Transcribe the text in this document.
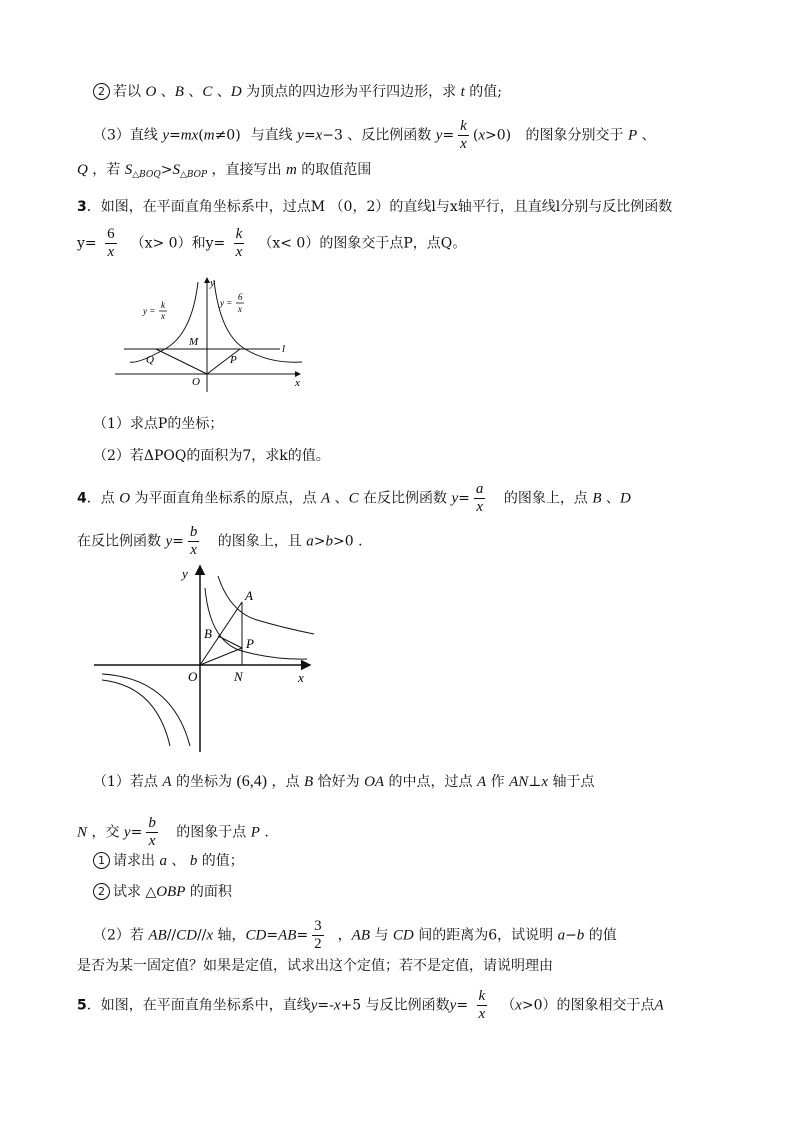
2 若以 O 、B 、C 、D 为顶点的四边形为平行四边形，求 t 的值;
（3）直线 y=mx(m≠0) 与直线 y=x−3 、反比例函数 $y= \frac{k}{x} (x>0)$ 的图象分别交于 P 、
Q ，若 $S_{\triangle BOQ}>S_{\triangle BOP}$ ，直接写出 m 的取值范围
3．如图，在平面直角坐标系中，过点M （0，2）的直线l与x轴平行，且直线l分别与反比例函数
$y= \frac{6}{x} (x> 0)$和$y= \frac{k}{x} (x< 0)$的图象交于点P，点Q。
y
x
O
M
Q	P
l
y =
k
x
y =
6
x
（1）求点P的坐标；
（2）若ΔPOQ的面积为7，求k的值。
4．点 O 为平面直角坐标系的原点，点 A 、C 在反比例函数 $y= \frac{a}{x}$ 的图象上，点 B 、D
在反比例函数 $y= \frac{b}{x}$ 的图象上，且 a>b>0 .
y
x
O	N
A
B
P
（1）若点 A 的坐标为 (6,4) ，点 B 恰好为 OA 的中点，过点 A 作 AN⊥x 轴于点
N ，交 $y= \frac{b}{x}$ 的图象于点 P .
1 请求出 a 、 b 的值；
2 试求 △OBP 的面积
（2）若 AB//CD//x 轴，$CD=AB= \frac{3}{2}$ ，AB 与 CD 间的距离为6，试说明 a−b 的值
是否为某一固定值？如果是定值，试求出这个定值；若不是定值，请说明理由
5．如图，在平面直角坐标系中，直线y=-x+5 与反比例函数$y= \frac{k}{x} (x>0)$的图象相交于点A
